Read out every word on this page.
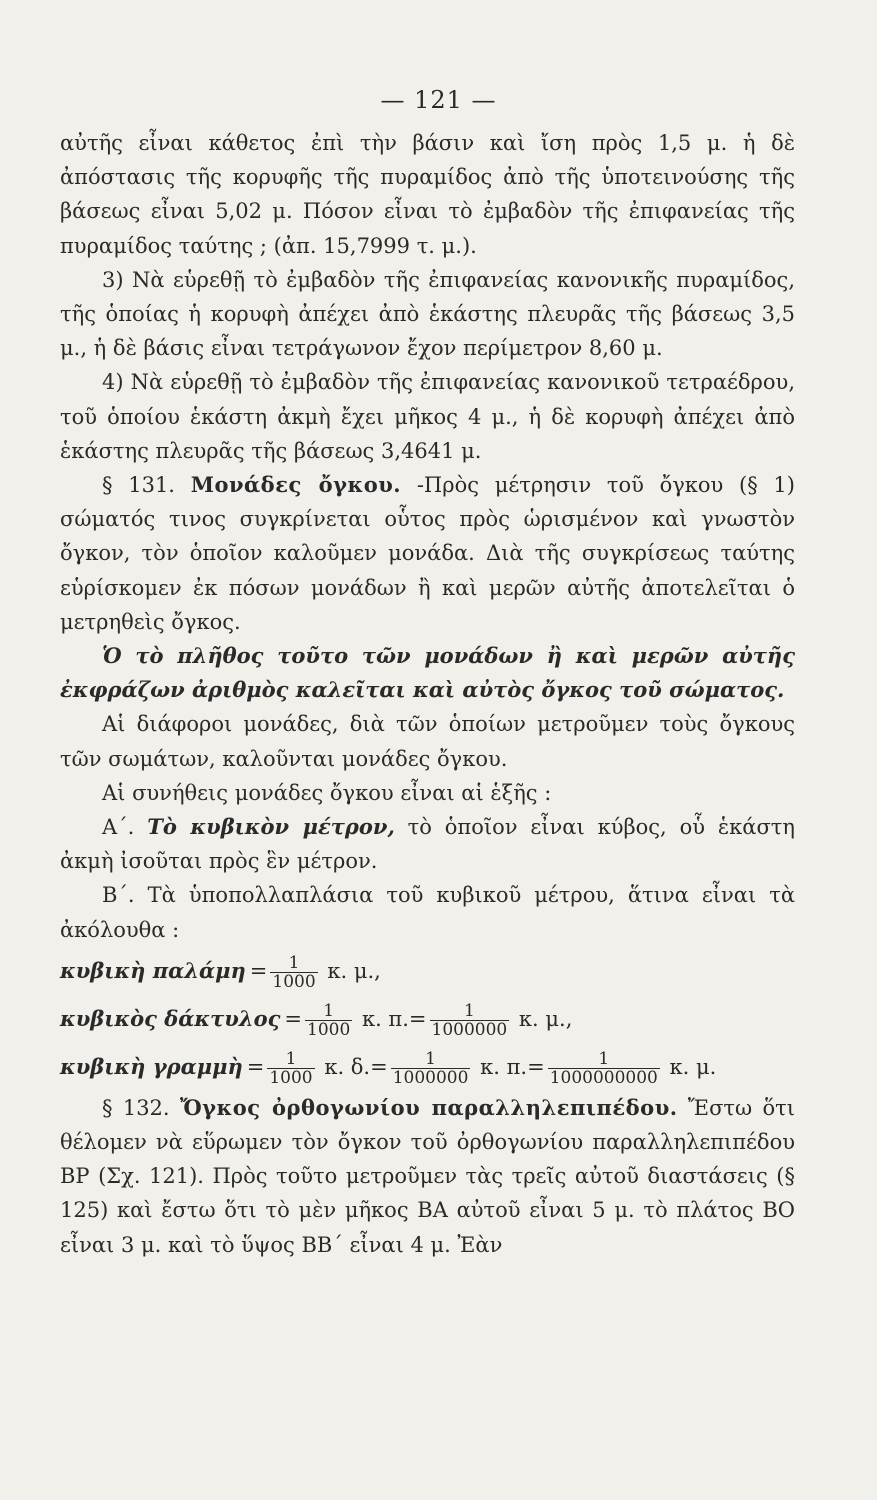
— 121 —

αὐτῆς εἶναι κάθετος ἐπὶ τὴν βάσιν καὶ ἴση πρὸς 1,5 μ. ἡ δὲ ἀπόστασις τῆς κορυφῆς τῆς πυραμίδος ἀπὸ τῆς ὑποτεινούσης τῆς βάσεως εἶναι 5,02 μ. Πόσον εἶναι τὸ ἐμβαδὸν τῆς ἐπιφανείας τῆς πυραμίδος ταύτης ; (ἀπ. 15,7999 τ. μ.).

3) Νὰ εὑρεθῇ τὸ ἐμβαδὸν τῆς ἐπιφανείας κανονικῆς πυραμίδος, τῆς ὁποίας ἡ κορυφὴ ἀπέχει ἀπὸ ἑκάστης πλευρᾶς τῆς βάσεως 3,5 μ., ἡ δὲ βάσις εἶναι τετράγωνον ἔχον περίμετρον 8,60 μ.

4) Νὰ εὑρεθῇ τὸ ἐμβαδὸν τῆς ἐπιφανείας κανονικοῦ τετραέδρου, τοῦ ὁποίου ἑκάστη ἀκμὴ ἔχει μῆκος 4 μ., ἡ δὲ κορυφὴ ἀπέχει ἀπὸ ἑκάστης πλευρᾶς τῆς βάσεως 3,4641 μ.

§ 131. Μονάδες ὄγκου. -Πρὸς μέτρησιν τοῦ ὄγκου (§ 1) σώματός τινος συγκρίνεται οὗτος πρὸς ὡρισμένον καὶ γνωστὸν ὄγκον, τὸν ὁποῖον καλοῦμεν μονάδα. Διὰ τῆς συγκρίσεως ταύτης εὑρίσκομεν ἐκ πόσων μονάδων ἢ καὶ μερῶν αὐτῆς ἀποτελεῖται ὁ μετρηθεὶς ὄγκος.

Ὁ τὸ πλῆθος τοῦτο τῶν μονάδων ἢ καὶ μερῶν αὐτῆς ἐκφράζων ἀριθμὸς καλεῖται καὶ αὐτὸς ὄγκος τοῦ σώματος.

Αἱ διάφοροι μονάδες, διὰ τῶν ὁποίων μετροῦμεν τοὺς ὄγκους τῶν σωμάτων, καλοῦνται μονάδες ὄγκου.

Αἱ συνήθεις μονάδες ὄγκου εἶναι αἱ ἑξῆς :

Α΄. Τὸ κυβικὸν μέτρον, τὸ ὁποῖον εἶναι κύβος, οὗ ἑκάστη ἀκμὴ ἰσοῦται πρὸς ἓν μέτρον.

Β΄. Τὰ ὑποπολλαπλάσια τοῦ κυβικοῦ μέτρου, ἅτινα εἶναι τὰ ἀκόλουθα :

κυβικὴ $\pi\alpha\lambda ά\mu\eta = \frac{1}{1000} \kappa$. μ.,

κυβικὸς $\delta ά\kappa\tau\upsilon\lambda o\varsigma = \frac{1}{1000} \kappa$. $\pi.= \frac{1}{1000000} \kappa$. μ.,

κυβικὴ γραμμὴ = $\frac{1}{1000} \kappa$. $\delta.= \frac{1}{1000000} \kappa$. $\pi.= \frac{1}{1000000000} \kappa$. μ.

§ 132. Ὄγκος ὀρθογωνίου παραλληλεπιπέδου. Ἔστω ὅτι θέλομεν νὰ εὕρωμεν τὸν ὄγκον τοῦ ὀρθογωνίου παραλληλεπιπέδου ΒΡ (Σχ. 121). Πρὸς τοῦτο μετροῦμεν τὰς τρεῖς αὐτοῦ διαστάσεις (§ 125) καὶ ἔστω ὅτι τὸ μὲν μῆκος ΒΑ αὐτοῦ εἶναι 5 μ. τὸ πλάτος ΒΟ εἶναι 3 μ. καὶ τὸ ὕψος ΒΒ΄ εἶναι 4 μ. Ἐὰν
